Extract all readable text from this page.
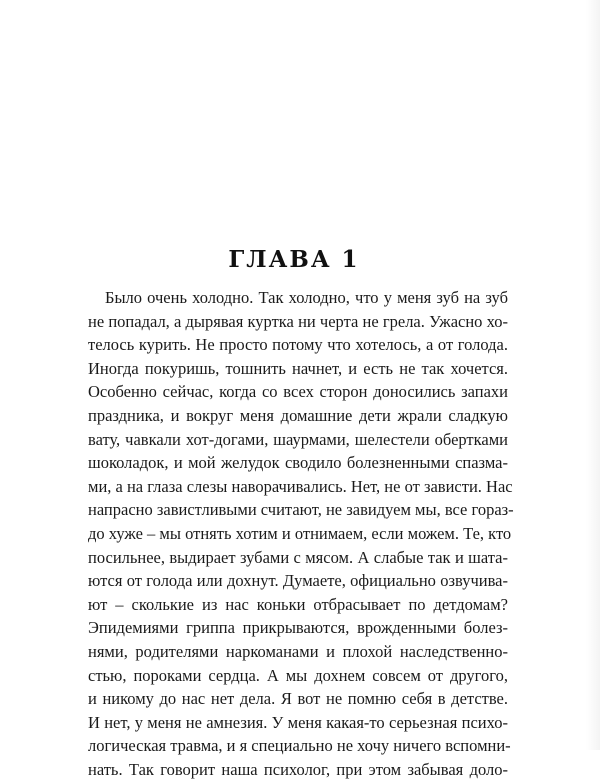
ГЛАВА 1
Было очень холодно. Так холодно, что у меня зуб на зуб
не попадал, а дырявая куртка ни черта не грела. Ужасно хо-
телось курить. Не просто потому что хотелось, а от голода.
Иногда покуришь, тошнить начнет, и есть не так хочется.
Особенно сейчас, когда со всех сторон доносились запахи
праздника, и вокруг меня домашние дети жрали сладкую
вату, чавкали хот-догами, шаурмами, шелестели обертками
шоколадок, и мой желудок сводило болезненными спазма-
ми, а на глаза слезы наворачивались. Нет, не от зависти. Нас
напрасно завистливыми считают, не завидуем мы, все горaз-
до хуже – мы отнять хотим и отнимаем, если можем. Те, кто
посильнее, выдирает зубами с мясом. А слабые так и шата-
ются от голода или дохнут. Думаете, официально озвучива-
ют – сколькие из нас коньки отбрасывает по детдомам?
Эпидемиями гриппа прикрываются, врожденными болез-
нями, родителями наркоманами и плохой наследственно-
стью, пороками сердца. А мы дохнем совсем от другого,
и никому до нас нет дела. Я вот не помню себя в детстве.
И нет, у меня не амнезия. У меня какая-то серьезная психо-
логическая травма, и я специально не хочу ничего вспомни-
нать. Так говорит наша психолог, при этом забывая доло-
